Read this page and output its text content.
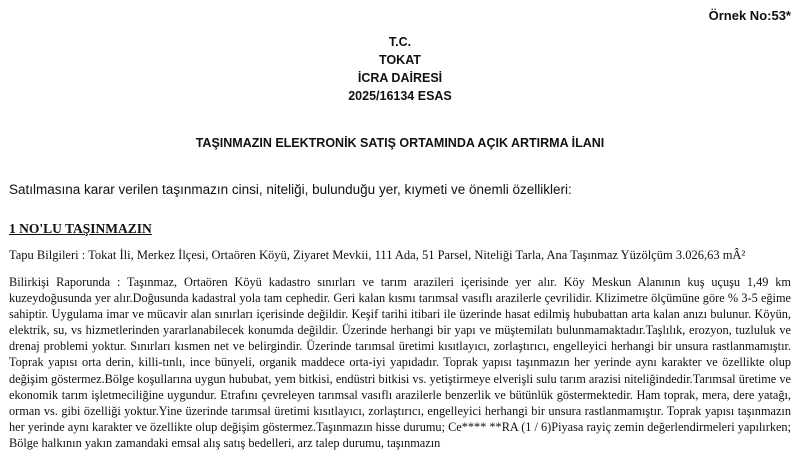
Örnek No:53*
T.C.
TOKAT
İCRA DAİRESİ
2025/16134 ESAS
TAŞINMAZIN ELEKTRONİK SATIŞ ORTAMINDA AÇIK ARTIRMA İLANI
Satılmasına karar verilen taşınmazın cinsi, niteliği, bulunduğu yer, kıymeti ve önemli özellikleri:
1 NO'LU TAŞINMAZIN
Tapu Bilgileri : Tokat İli, Merkez İlçesi, Ortaören Köyü, Ziyaret Mevkii, 111 Ada, 51 Parsel, Niteliği Tarla, Ana Taşınmaz Yüzölçüm 3.026,63 mÂ²

Bilirkişi Raporunda : Taşınmaz, Ortaören Köyü kadastro sınırları ve tarım arazileri içerisinde yer alır. Köy Meskun Alanının kuş uçuşu 1,49 km kuzeydoğusunda yer alır.Doğusunda kadastral yola tam cephedir. Geri kalan kısmı tarımsal vasıflı arazilerle çevrilidir. Klizimetre ölçümüne göre % 3-5 eğime sahiptir. Uygulama imar ve mücavir alan sınırları içerisinde değildir. Keşif tarihi itibari ile üzerinde hasat edilmiş hububattan arta kalan anızı bulunur. Köyün, elektrik, su, vs hizmetlerinden yararlanabilecek konumda değildir. Üzerinde herhangi bir yapı ve müştemilatı bulunmamaktadır.Taşlılık, erozyon, tuzluluk ve drenaj problemi yoktur. Sınırları kısmen net ve belirgindir. Üzerinde tarımsal üretimi kısıtlayıcı, zorlaştırıcı, engelleyici herhangi bir unsura rastlanmamıştır. Toprak yapısı orta derin, killi-tınlı, ince bünyeli, organik maddece orta-iyi yapıdadır. Toprak yapısı taşınmazın her yerinde aynı karakter ve özellikte olup değişim göstermez.Bölge koşullarına uygun hububat, yem bitkisi, endüstri bitkisi vs. yetiştirmeye elverişli sulu tarım arazisi niteliğindedir.Tarımsal üretime ve ekonomik tarım işletmeciliğine uygundur. Etrafını çevreleyen tarımsal vasıflı arazilerle benzerlik ve bütünlük göstermektedir. Ham toprak, mera, dere yatağı, orman vs. gibi özelliği yoktur.Yine üzerinde tarımsal üretimi kısıtlayıcı, zorlaştırıcı, engelleyici herhangi bir unsura rastlanmamıştır. Toprak yapısı taşınmazın her yerinde aynı karakter ve özellikte olup değişim göstermez.Taşınmazın hisse durumu; Ce**** **RA (1 / 6)Piyasa rayiç zemin değerlendirmeleri yapılırken; Bölge halkının yakın zamandaki emsal alış satış bedelleri, arz talep durumu, taşınmazın
